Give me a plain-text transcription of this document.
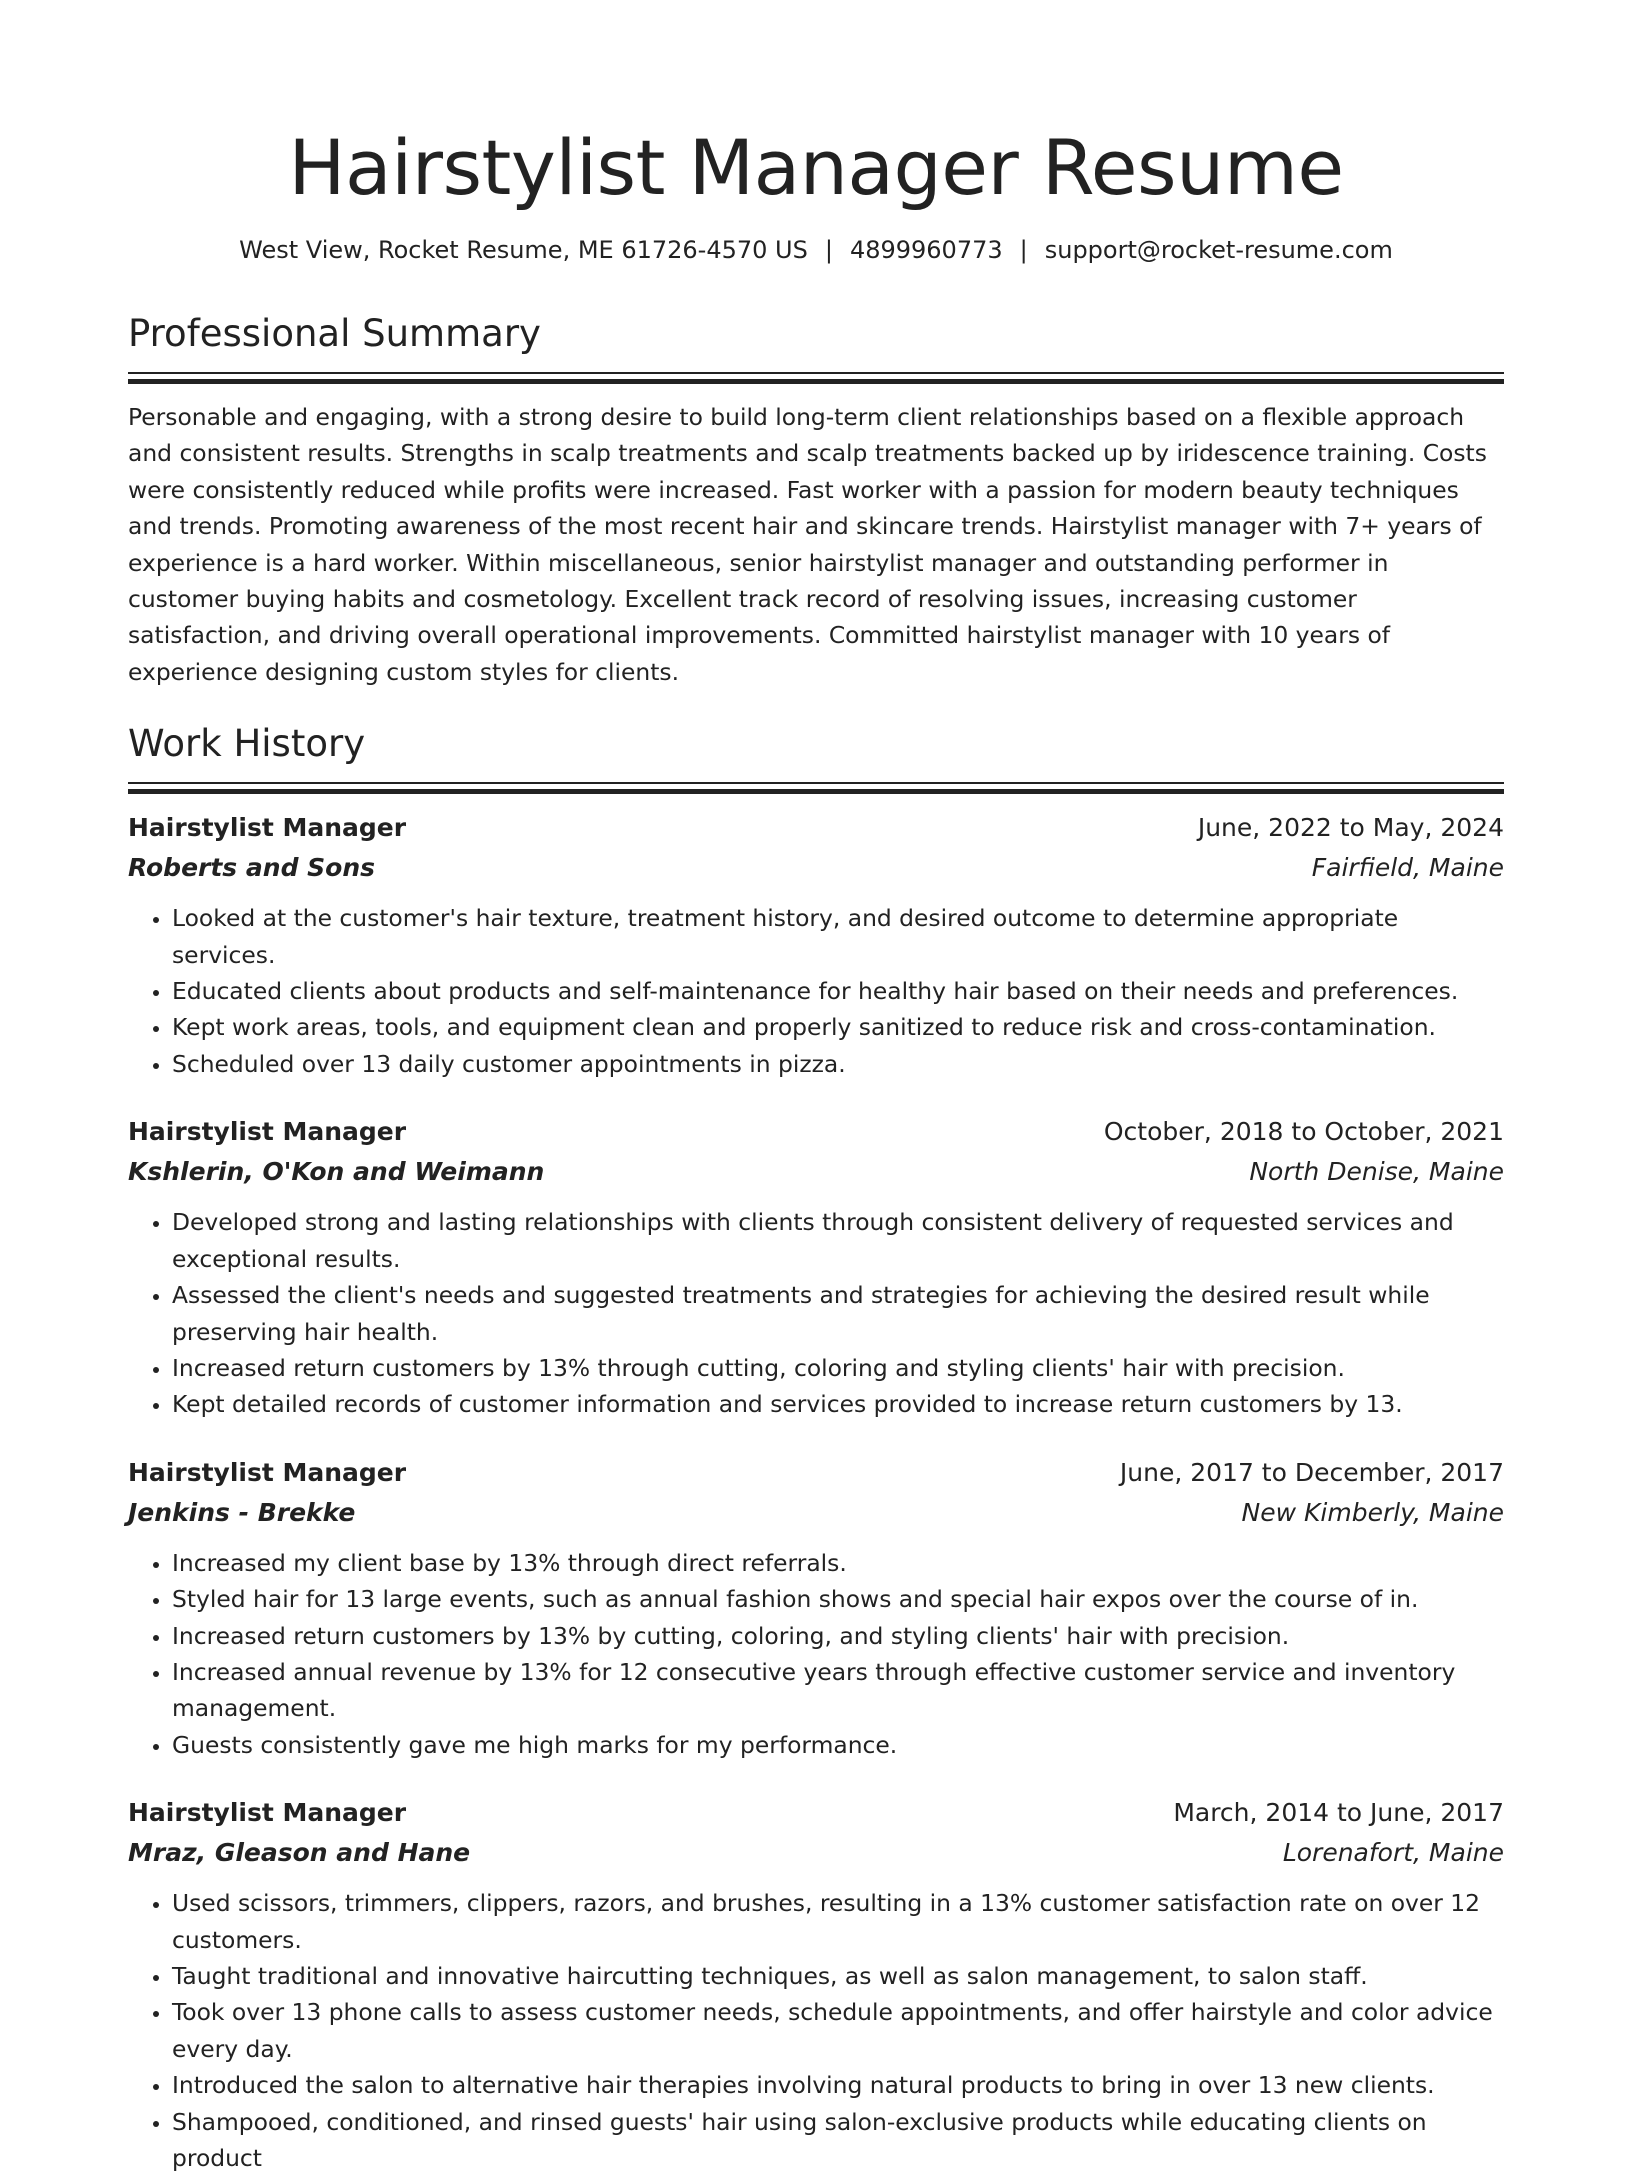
Hairstylist Manager Resume
West View, Rocket Resume, ME 61726-4570 US | 4899960773 | support@rocket-resume.com
Professional Summary

Personable and engaging, with a strong desire to build long-term client relationships based on a flexible approach and consistent results. Strengths in scalp treatments and scalp treatments backed up by iridescence training. Costs were consistently reduced while profits were increased. Fast worker with a passion for modern beauty techniques and trends. Promoting awareness of the most recent hair and skincare trends. Hairstylist manager with 7+ years of experience is a hard worker. Within miscellaneous, senior hairstylist manager and outstanding performer in customer buying habits and cosmetology. Excellent track record of resolving issues, increasing customer satisfaction, and driving overall operational improvements. Committed hairstylist manager with 10 years of experience designing custom styles for clients.

Work History
Hairstylist Manager	June, 2022 to May, 2024
Roberts and Sons	Fairfield, Maine
• Looked at the customer's hair texture, treatment history, and desired outcome to determine appropriate services.
• Educated clients about products and self-maintenance for healthy hair based on their needs and preferences.
• Kept work areas, tools, and equipment clean and properly sanitized to reduce risk and cross-contamination.
• Scheduled over 13 daily customer appointments in pizza.
Hairstylist Manager	October, 2018 to October, 2021
Kshlerin, O'Kon and Weimann	North Denise, Maine
• Developed strong and lasting relationships with clients through consistent delivery of requested services and exceptional results.
• Assessed the client's needs and suggested treatments and strategies for achieving the desired result while preserving hair health.
• Increased return customers by 13% through cutting, coloring and styling clients' hair with precision.
• Kept detailed records of customer information and services provided to increase return customers by 13.
Hairstylist Manager	June, 2017 to December, 2017
Jenkins - Brekke	New Kimberly, Maine
• Increased my client base by 13% through direct referrals.
• Styled hair for 13 large events, such as annual fashion shows and special hair expos over the course of in.
• Increased return customers by 13% by cutting, coloring, and styling clients' hair with precision.
• Increased annual revenue by 13% for 12 consecutive years through effective customer service and inventory management.
• Guests consistently gave me high marks for my performance.
Hairstylist Manager	March, 2014 to June, 2017
Mraz, Gleason and Hane	Lorenafort, Maine
• Used scissors, trimmers, clippers, razors, and brushes, resulting in a 13% customer satisfaction rate on over 12 customers.
• Taught traditional and innovative haircutting techniques, as well as salon management, to salon staff.
• Took over 13 phone calls to assess customer needs, schedule appointments, and offer hairstyle and color advice every day.
• Introduced the salon to alternative hair therapies involving natural products to bring in over 13 new clients.
• Shampooed, conditioned, and rinsed guests' hair using salon-exclusive products while educating clients on product
